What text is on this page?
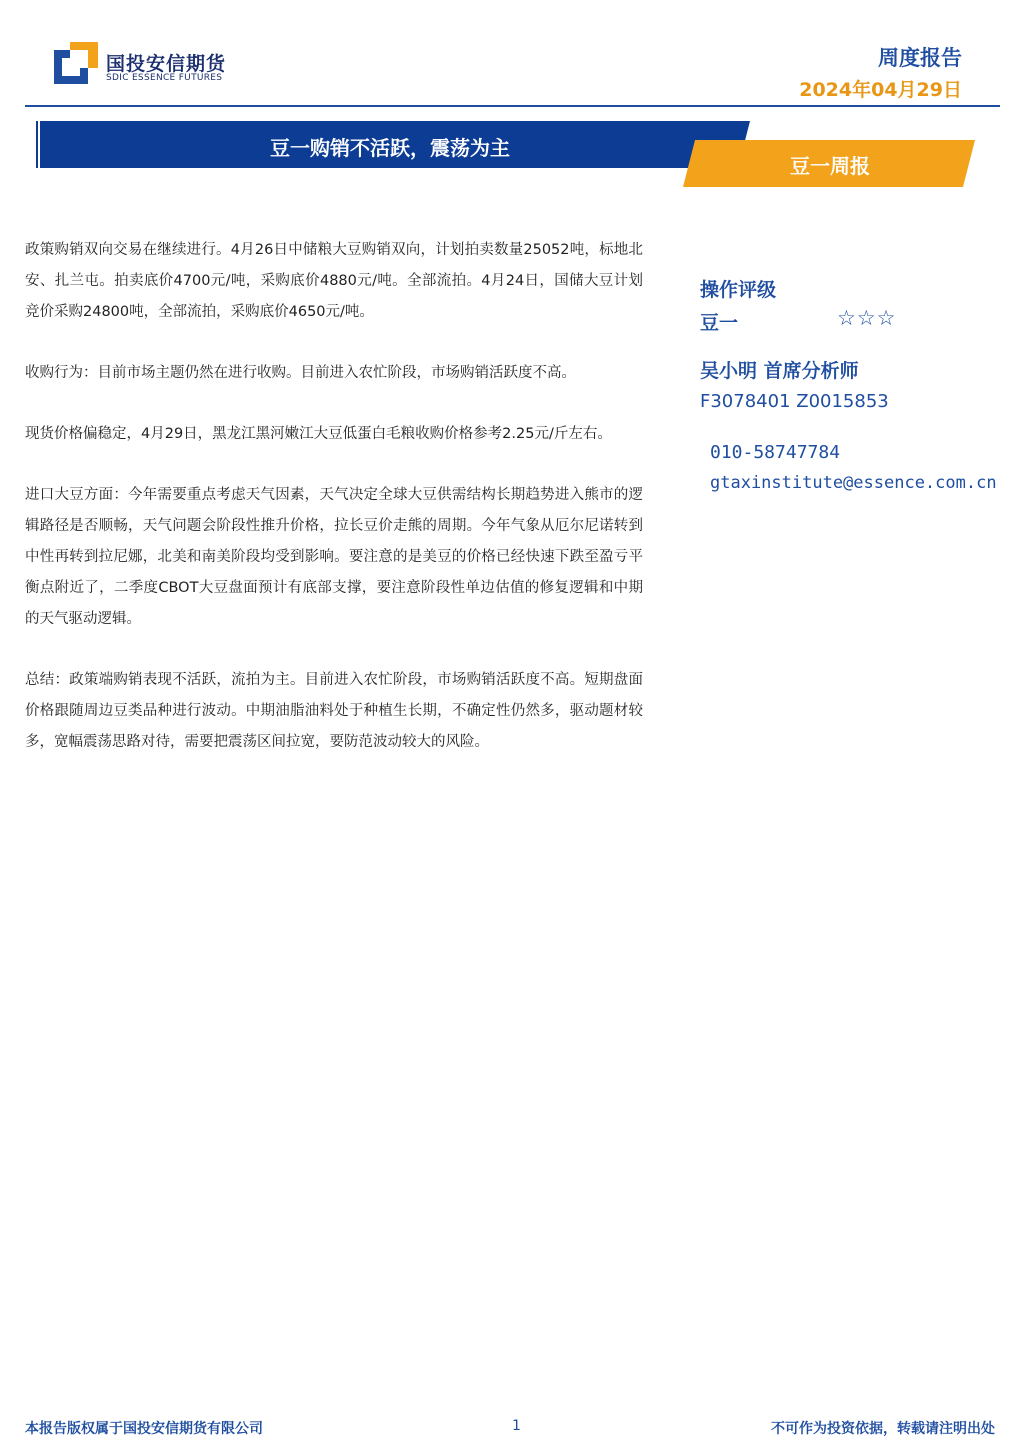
国投安信期货
SDIC ESSENCE FUTURES
周度报告
2024年04月29日
豆一购销不活跃，震荡为主
豆一周报

政策购销双向交易在继续进行。4月26日中储粮大豆购销双向，计划拍卖数量25052吨，标地北安、扎兰屯。拍卖底价4700元/吨，采购底价4880元/吨。全部流拍。4月24日，国储大豆计划竞价采购24800吨，全部流拍，采购底价4650元/吨。

收购行为：目前市场主题仍然在进行收购。目前进入农忙阶段，市场购销活跃度不高。

现货价格偏稳定，4月29日，黑龙江黑河嫩江大豆低蛋白毛粮收购价格参考2.25元/斤左右。

进口大豆方面：今年需要重点考虑天气因素，天气决定全球大豆供需结构长期趋势进入熊市的逻辑路径是否顺畅，天气问题会阶段性推升价格，拉长豆价走熊的周期。今年气象从厄尔尼诺转到中性再转到拉尼娜，北美和南美阶段均受到影响。要注意的是美豆的价格已经快速下跌至盈亏平衡点附近了，二季度CBOT大豆盘面预计有底部支撑，要注意阶段性单边估值的修复逻辑和中期的天气驱动逻辑。

总结：政策端购销表现不活跃，流拍为主。目前进入农忙阶段，市场购销活跃度不高。短期盘面价格跟随周边豆类品种进行波动。中期油脂油料处于种植生长期，不确定性仍然多，驱动题材较多，宽幅震荡思路对待，需要把震荡区间拉宽，要防范波动较大的风险。

操作评级
豆一	☆☆☆
吴小明 首席分析师
F3078401 Z0015853
010-58747784
gtaxinstitute@essence.com.cn
本报告版权属于国投安信期货有限公司	1	不可作为投资依据，转载请注明出处
